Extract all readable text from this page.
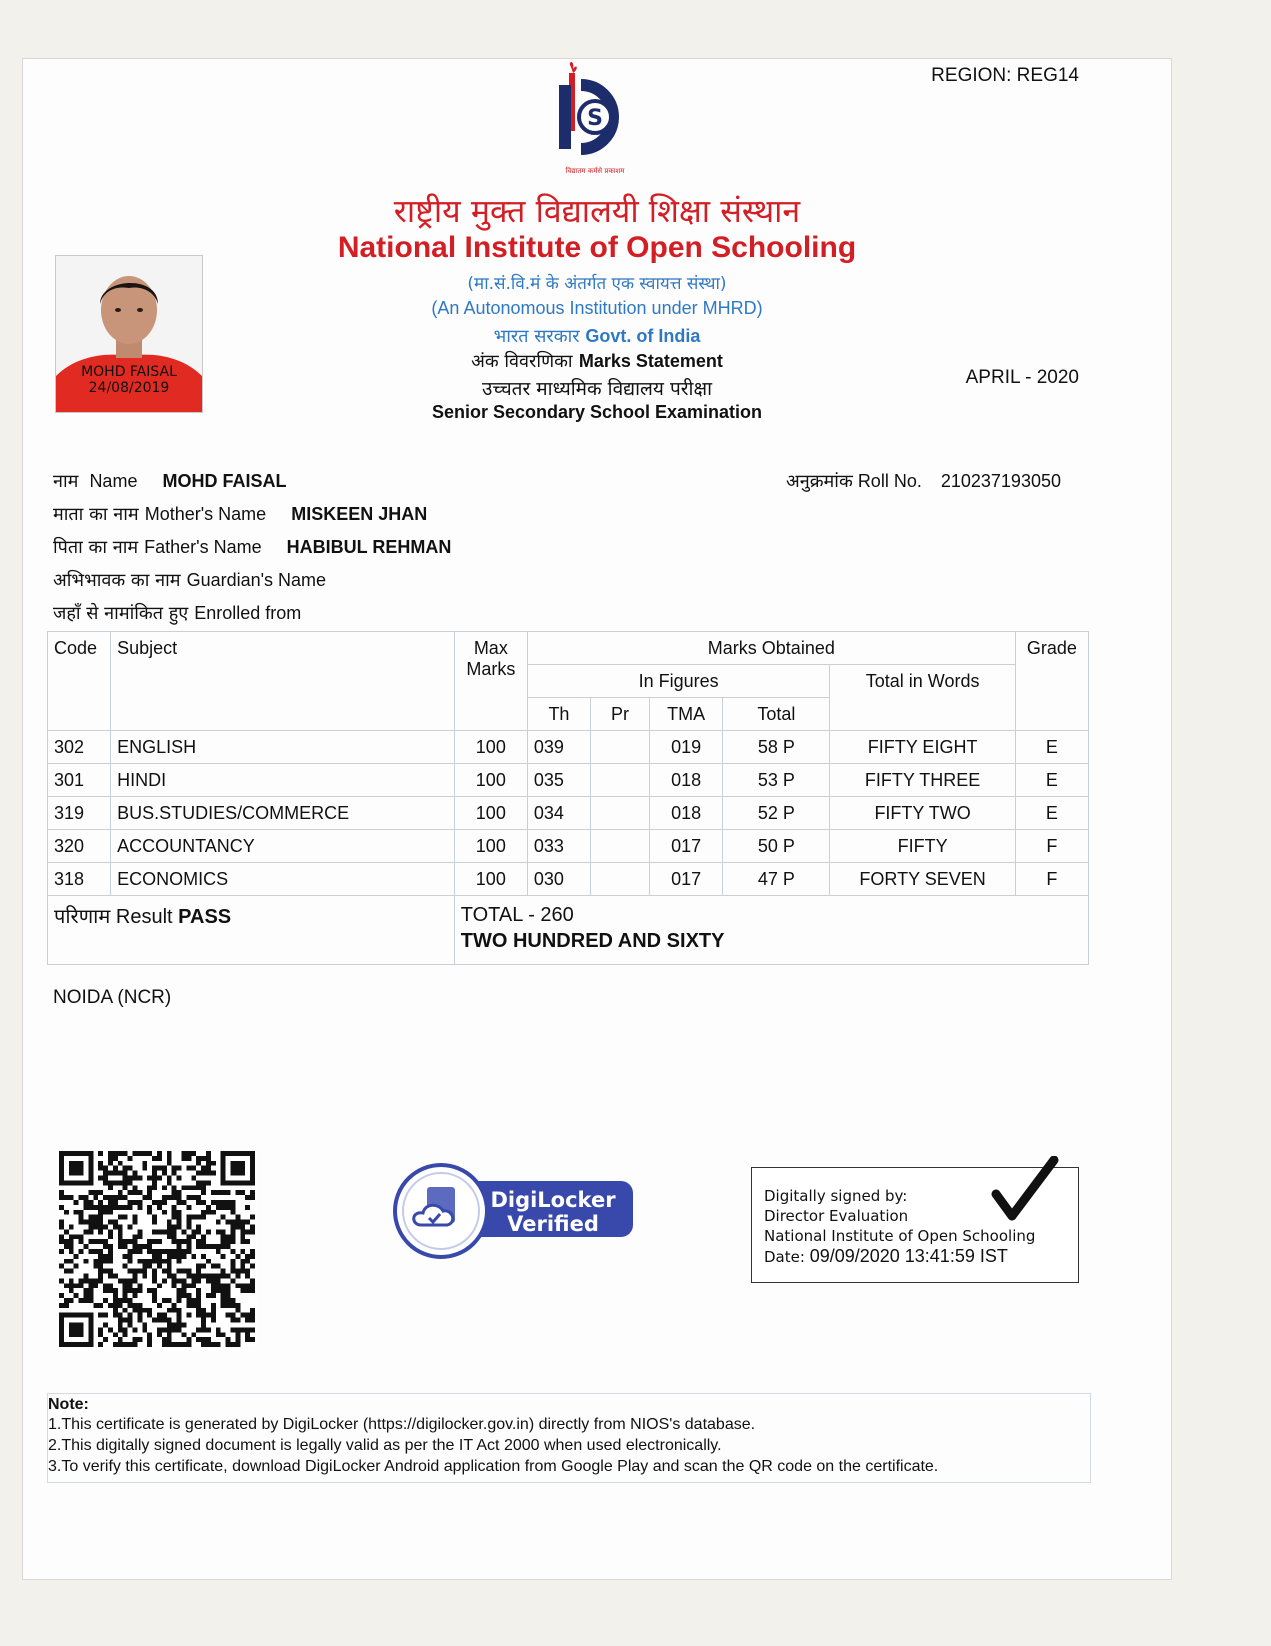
REGION: REG14
S
विद्यातम कर्मसे प्रकाशम
राष्ट्रीय मुक्त विद्यालयी शिक्षा संस्थान
National Institute of Open Schooling
(मा.सं.वि.मं के अंतर्गत एक स्वायत्त संस्था)
(An Autonomous Institution under MHRD)
भारत सरकार Govt. of India
अंक विवरणिका Marks Statement
उच्चतर माध्यमिक विद्यालय परीक्षा
Senior Secondary School Examination
APRIL - 2020
MOHD FAISAL
24/08/2019
नाम Name MOHD FAISAL
माता का नाम Mother's Name MISKEEN JHAN
पिता का नाम Father's Name HABIBUL REHMAN
अभिभावक का नाम Guardian's Name
जहाँ से नामांकित हुए Enrolled from
अनुक्रमांक Roll No. 210237193050
Code	Subject	Max Marks	Marks Obtained					Grade
			In Figures				Total in Words	
			Th	Pr	TMA	Total		
302	ENGLISH	100	039		019	58 P	FIFTY EIGHT	E
301	HINDI	100	035		018	53 P	FIFTY THREE	E
319	BUS.STUDIES/COMMERCE	100	034		018	52 P	FIFTY TWO	E
320	ACCOUNTANCY	100	033		017	50 P	FIFTY	F
318	ECONOMICS	100	030		017	47 P	FORTY SEVEN	F
परिणाम Result PASS		TOTAL - 260
TWO HUNDRED AND SIXTY						
NOIDA (NCR)
DigiLocker
Verified
Digitally signed by:
Director Evaluation
National Institute of Open Schooling
Date: 09/09/2020 13:41:59 IST
Note:
1.This certificate is generated by DigiLocker (https://digilocker.gov.in) directly from NIOS's database.
2.This digitally signed document is legally valid as per the IT Act 2000 when used electronically.
3.To verify this certificate, download DigiLocker Android application from Google Play and scan the QR code on the certificate.
